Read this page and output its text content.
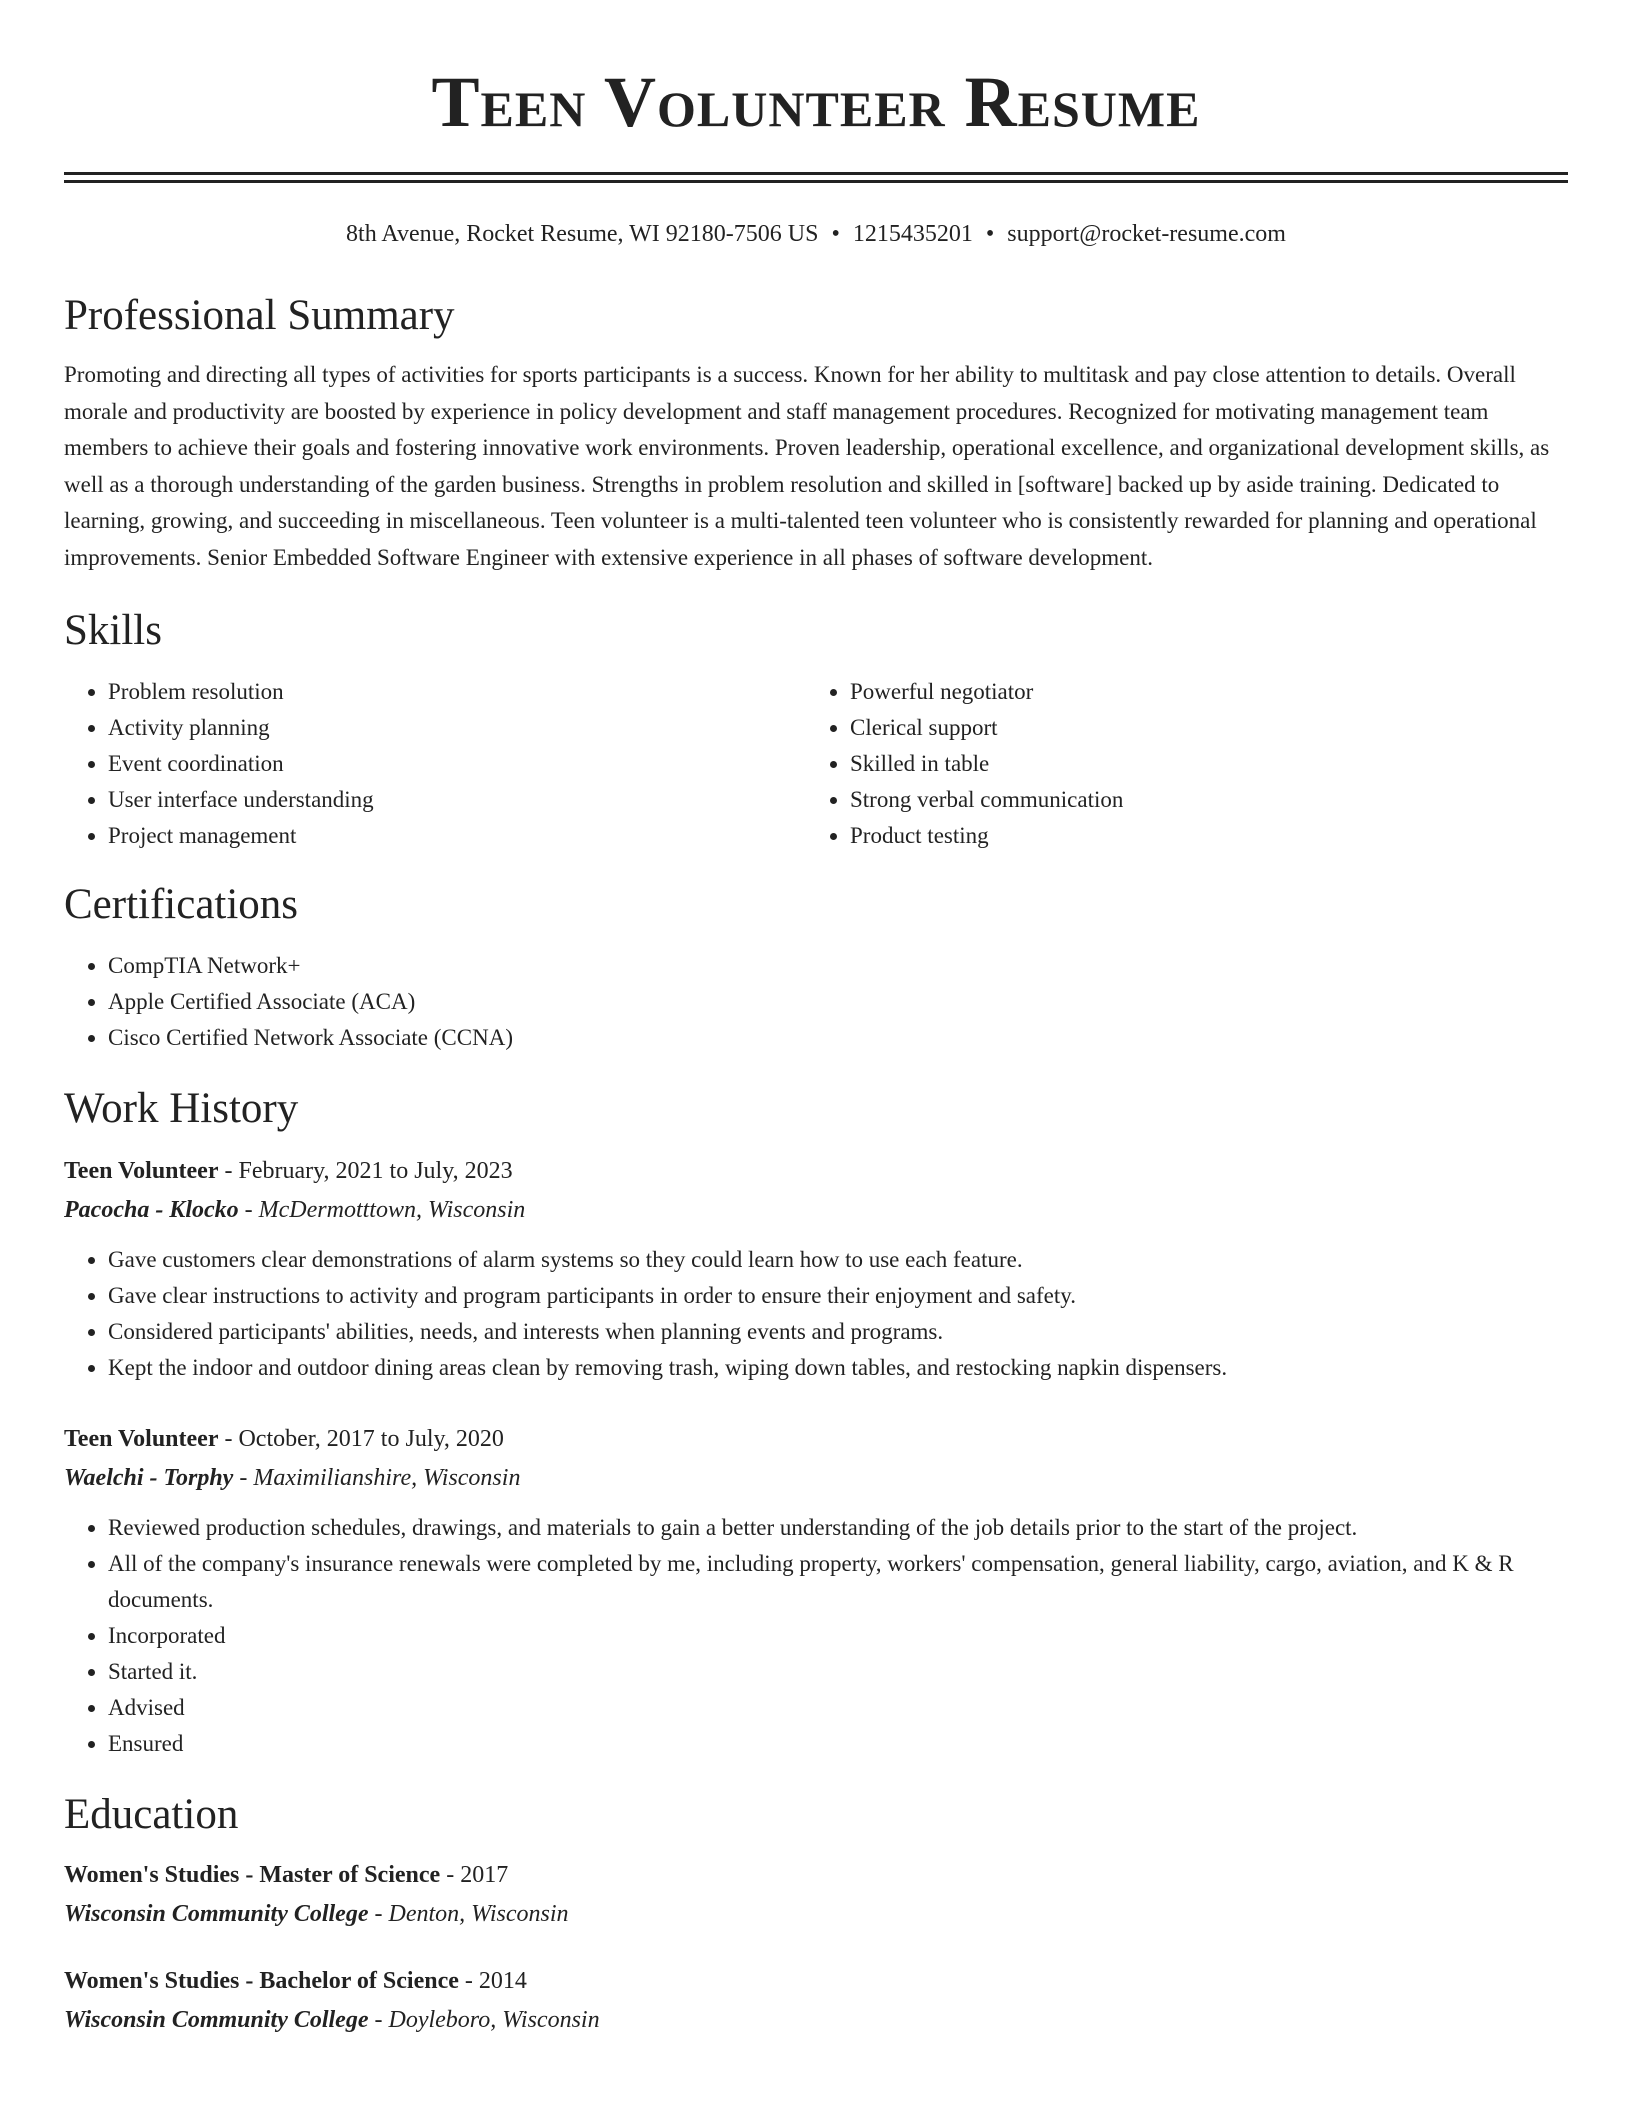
Teen Volunteer Resume
8th Avenue, Rocket Resume, WI 92180-7506 US • 1215435201 • support@rocket-resume.com
Professional Summary

Promoting and directing all types of activities for sports participants is a success. Known for her ability to multitask and pay close attention to details. Overall morale and productivity are boosted by experience in policy development and staff management procedures. Recognized for motivating management team members to achieve their goals and fostering innovative work environments. Proven leadership, operational excellence, and organizational development skills, as well as a thorough understanding of the garden business. Strengths in problem resolution and skilled in [software] backed up by aside training. Dedicated to learning, growing, and succeeding in miscellaneous. Teen volunteer is a multi-talented teen volunteer who is consistently rewarded for planning and operational improvements. Senior Embedded Software Engineer with extensive experience in all phases of software development.

Skills
• Problem resolution
• Activity planning
• Event coordination
• User interface understanding
• Project management
• Powerful negotiator
• Clerical support
• Skilled in table
• Strong verbal communication
• Product testing
Certifications
• CompTIA Network+
• Apple Certified Associate (ACA)
• Cisco Certified Network Associate (CCNA)
Work History
Teen Volunteer - February, 2021 to July, 2023
Pacocha - Klocko - McDermotttown, Wisconsin
• Gave customers clear demonstrations of alarm systems so they could learn how to use each feature.
• Gave clear instructions to activity and program participants in order to ensure their enjoyment and safety.
• Considered participants' abilities, needs, and interests when planning events and programs.
• Kept the indoor and outdoor dining areas clean by removing trash, wiping down tables, and restocking napkin dispensers.
Teen Volunteer - October, 2017 to July, 2020
Waelchi - Torphy - Maximilianshire, Wisconsin
• Reviewed production schedules, drawings, and materials to gain a better understanding of the job details prior to the start of the project.
• All of the company's insurance renewals were completed by me, including property, workers' compensation, general liability, cargo, aviation, and K & R documents.
• Incorporated
• Started it.
• Advised
• Ensured
Education
Women's Studies - Master of Science - 2017
Wisconsin Community College - Denton, Wisconsin
Women's Studies - Bachelor of Science - 2014
Wisconsin Community College - Doyleboro, Wisconsin
